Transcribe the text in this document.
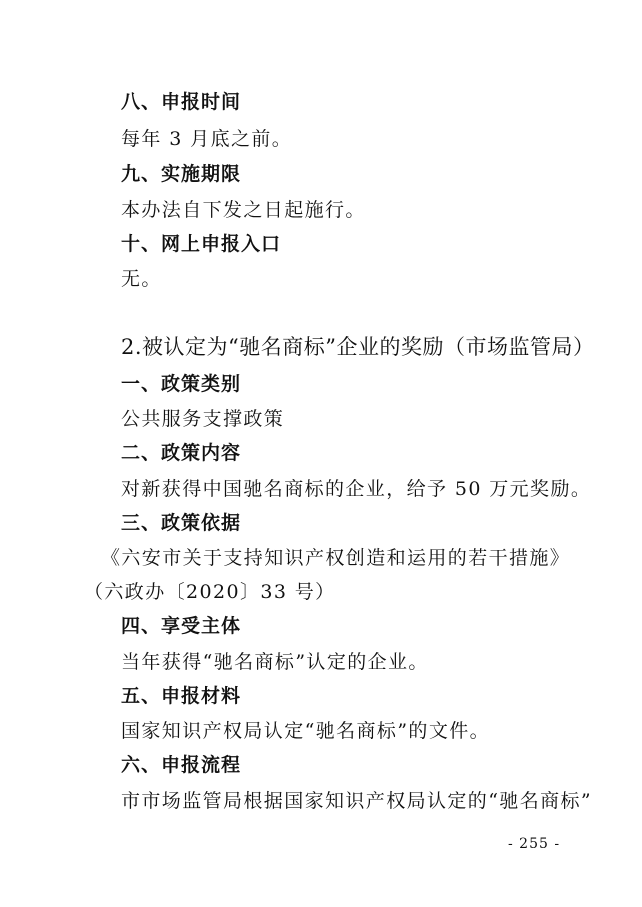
八、申报时间
每年 3 月底之前。
九、实施期限
本办法自下发之日起施行。
十、网上申报入口
无。
2.被认定为“驰名商标”企业的奖励（市场监管局）
一、政策类别
公共服务支撑政策
二、政策内容
对新获得中国驰名商标的企业，给予 50 万元奖励。
三、政策依据
《六安市关于支持知识产权创造和运用的若干措施》
（六政办〔2020〕33 号）
四、享受主体
当年获得“驰名商标”认定的企业。
五、申报材料
国家知识产权局认定“驰名商标”的文件。
六、申报流程
市市场监管局根据国家知识产权局认定的“驰名商标”
- 255 -
